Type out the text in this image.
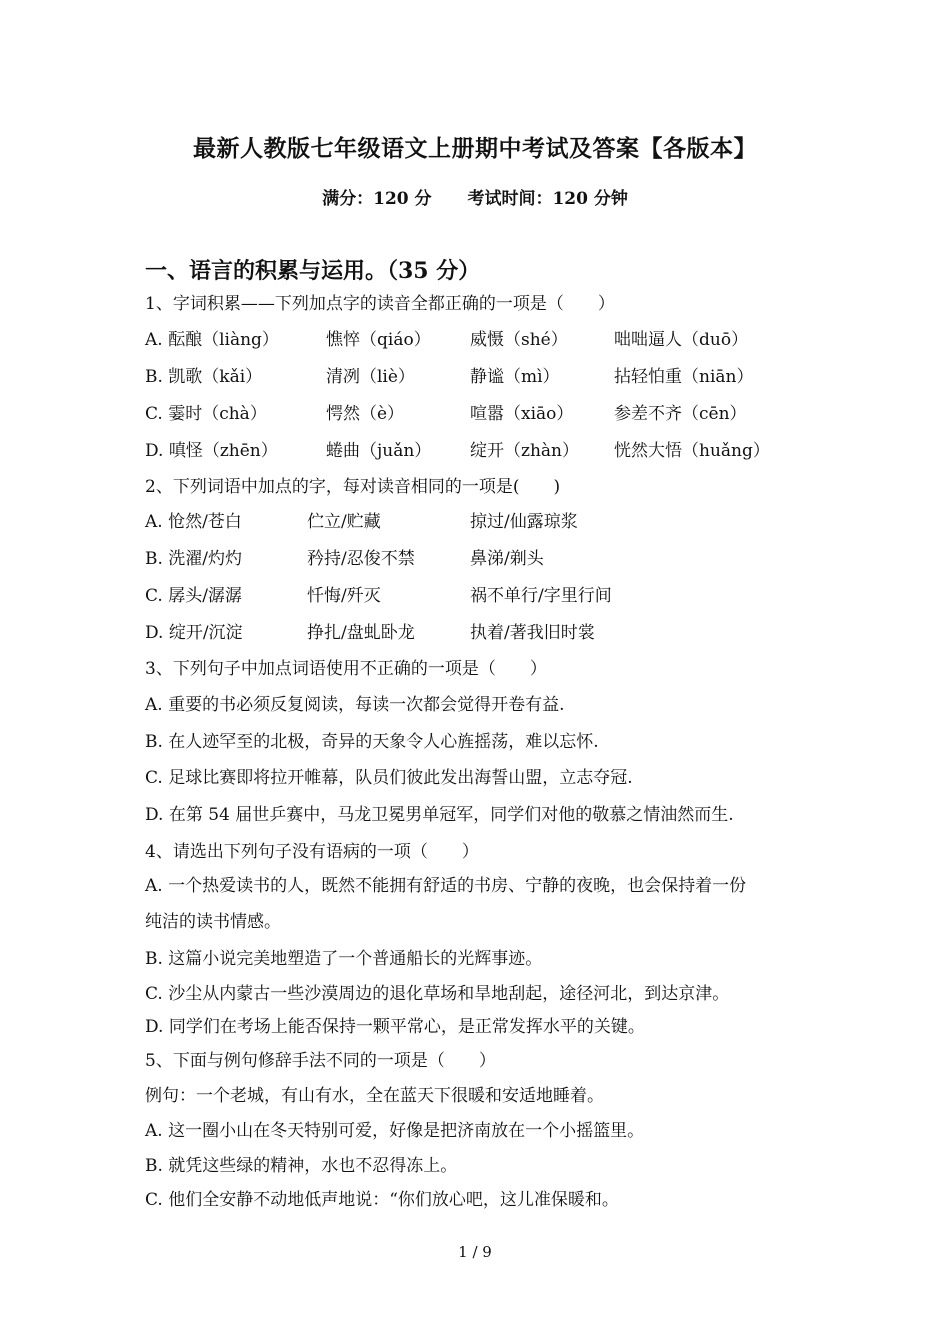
最新人教版七年级语文上册期中考试及答案【各版本】
满分：120 分 考试时间：120 分钟
一、语言的积累与运用。（35 分）
1、字词积累——下列加点字的读音全都正确的一项是（　　）
A. 酝酿（liàng）	憔悴（qiáo） 威慑（shé）	咄咄逼人（duō）
B. 凯歌（kǎi）	清冽（liè）	静谧（mì）	拈轻怕重（niān）
C. 霎时（chà）	愕然（è）	喧嚣（xiāo） 参差不齐（cēn）
D. 嗔怪（zhēn）	蜷曲（juǎn） 绽开（zhàn） 恍然大悟（huǎng）
2、下列词语中加点的字，每对读音相同的一项是(　　)
A. 怆然/苍白	伫立/贮藏	掠过/仙露琼浆
B. 洗濯/灼灼	矜持/忍俊不禁	鼻涕/剃头
C. 孱头/潺潺	忏悔/歼灭	祸不单行/字里行间
D. 绽开/沉淀	挣扎/盘虬卧龙	执着/著我旧时裳
3、下列句子中加点词语使用不正确的一项是（　　）
A. 重要的书必须反复阅读，每读一次都会觉得开卷有益.
B. 在人迹罕至的北极，奇异的天象令人心旌摇荡，难以忘怀.
C. 足球比赛即将拉开帷幕，队员们彼此发出海誓山盟，立志夺冠.
D. 在第 54 届世乒赛中，马龙卫冕男单冠军，同学们对他的敬慕之情油然而生.
4、请选出下列句子没有语病的一项（　　）
A. 一个热爱读书的人，既然不能拥有舒适的书房、宁静的夜晚，也会保持着一份
纯洁的读书情感。
B. 这篇小说完美地塑造了一个普通船长的光辉事迹。
C. 沙尘从内蒙古一些沙漠周边的退化草场和旱地刮起，途径河北，到达京津。
D. 同学们在考场上能否保持一颗平常心，是正常发挥水平的关键。
5、下面与例句修辞手法不同的一项是（　　）
例句：一个老城，有山有水，全在蓝天下很暖和安适地睡着。
A. 这一圈小山在冬天特别可爱，好像是把济南放在一个小摇篮里。
B. 就凭这些绿的精神，水也不忍得冻上。
C. 他们全安静不动地低声地说：“你们放心吧，这儿准保暖和。
1 / 9
